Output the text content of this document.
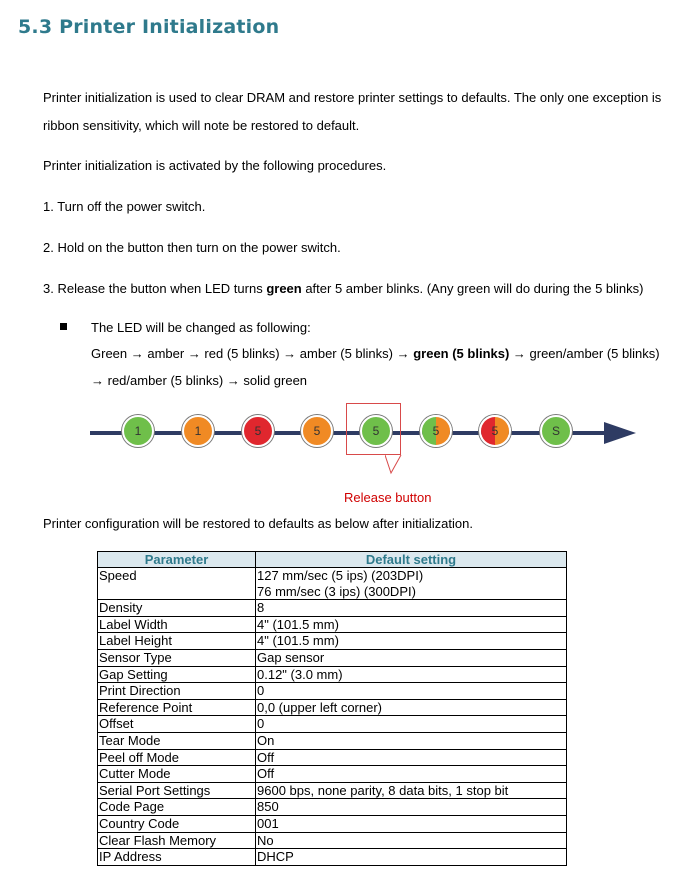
5.3 Printer Initialization
Printer initialization is used to clear DRAM and restore printer settings to defaults. The only one exception is
ribbon sensitivity, which will note be restored to default.
Printer initialization is activated by the following procedures.
1. Turn off the power switch.
2. Hold on the button then turn on the power switch.
3. Release the button when LED turns green after 5 amber blinks. (Any green will do during the 5 blinks)
The LED will be changed as following:
Green → amber → red (5 blinks) → amber (5 blinks) → green (5 blinks) → green/amber (5 blinks)
→ red/amber (5 blinks) → solid green
1	1	5	5	5	5	5	S
Release button
Printer configuration will be restored to defaults as below after initialization.
Parameter	Default setting
Speed	127 mm/sec (5 ips) (203DPI)
76 mm/sec (3 ips) (300DPI)
Density	8
Label Width	4" (101.5 mm)
Label Height	4" (101.5 mm)
Sensor Type	Gap sensor
Gap Setting	0.12" (3.0 mm)
Print Direction	0
Reference Point	0,0 (upper left corner)
Offset	0
Tear Mode	On
Peel off Mode	Off
Cutter Mode	Off
Serial Port Settings	9600 bps, none parity, 8 data bits, 1 stop bit
Code Page	850
Country Code	001
Clear Flash Memory	No
IP Address	DHCP
